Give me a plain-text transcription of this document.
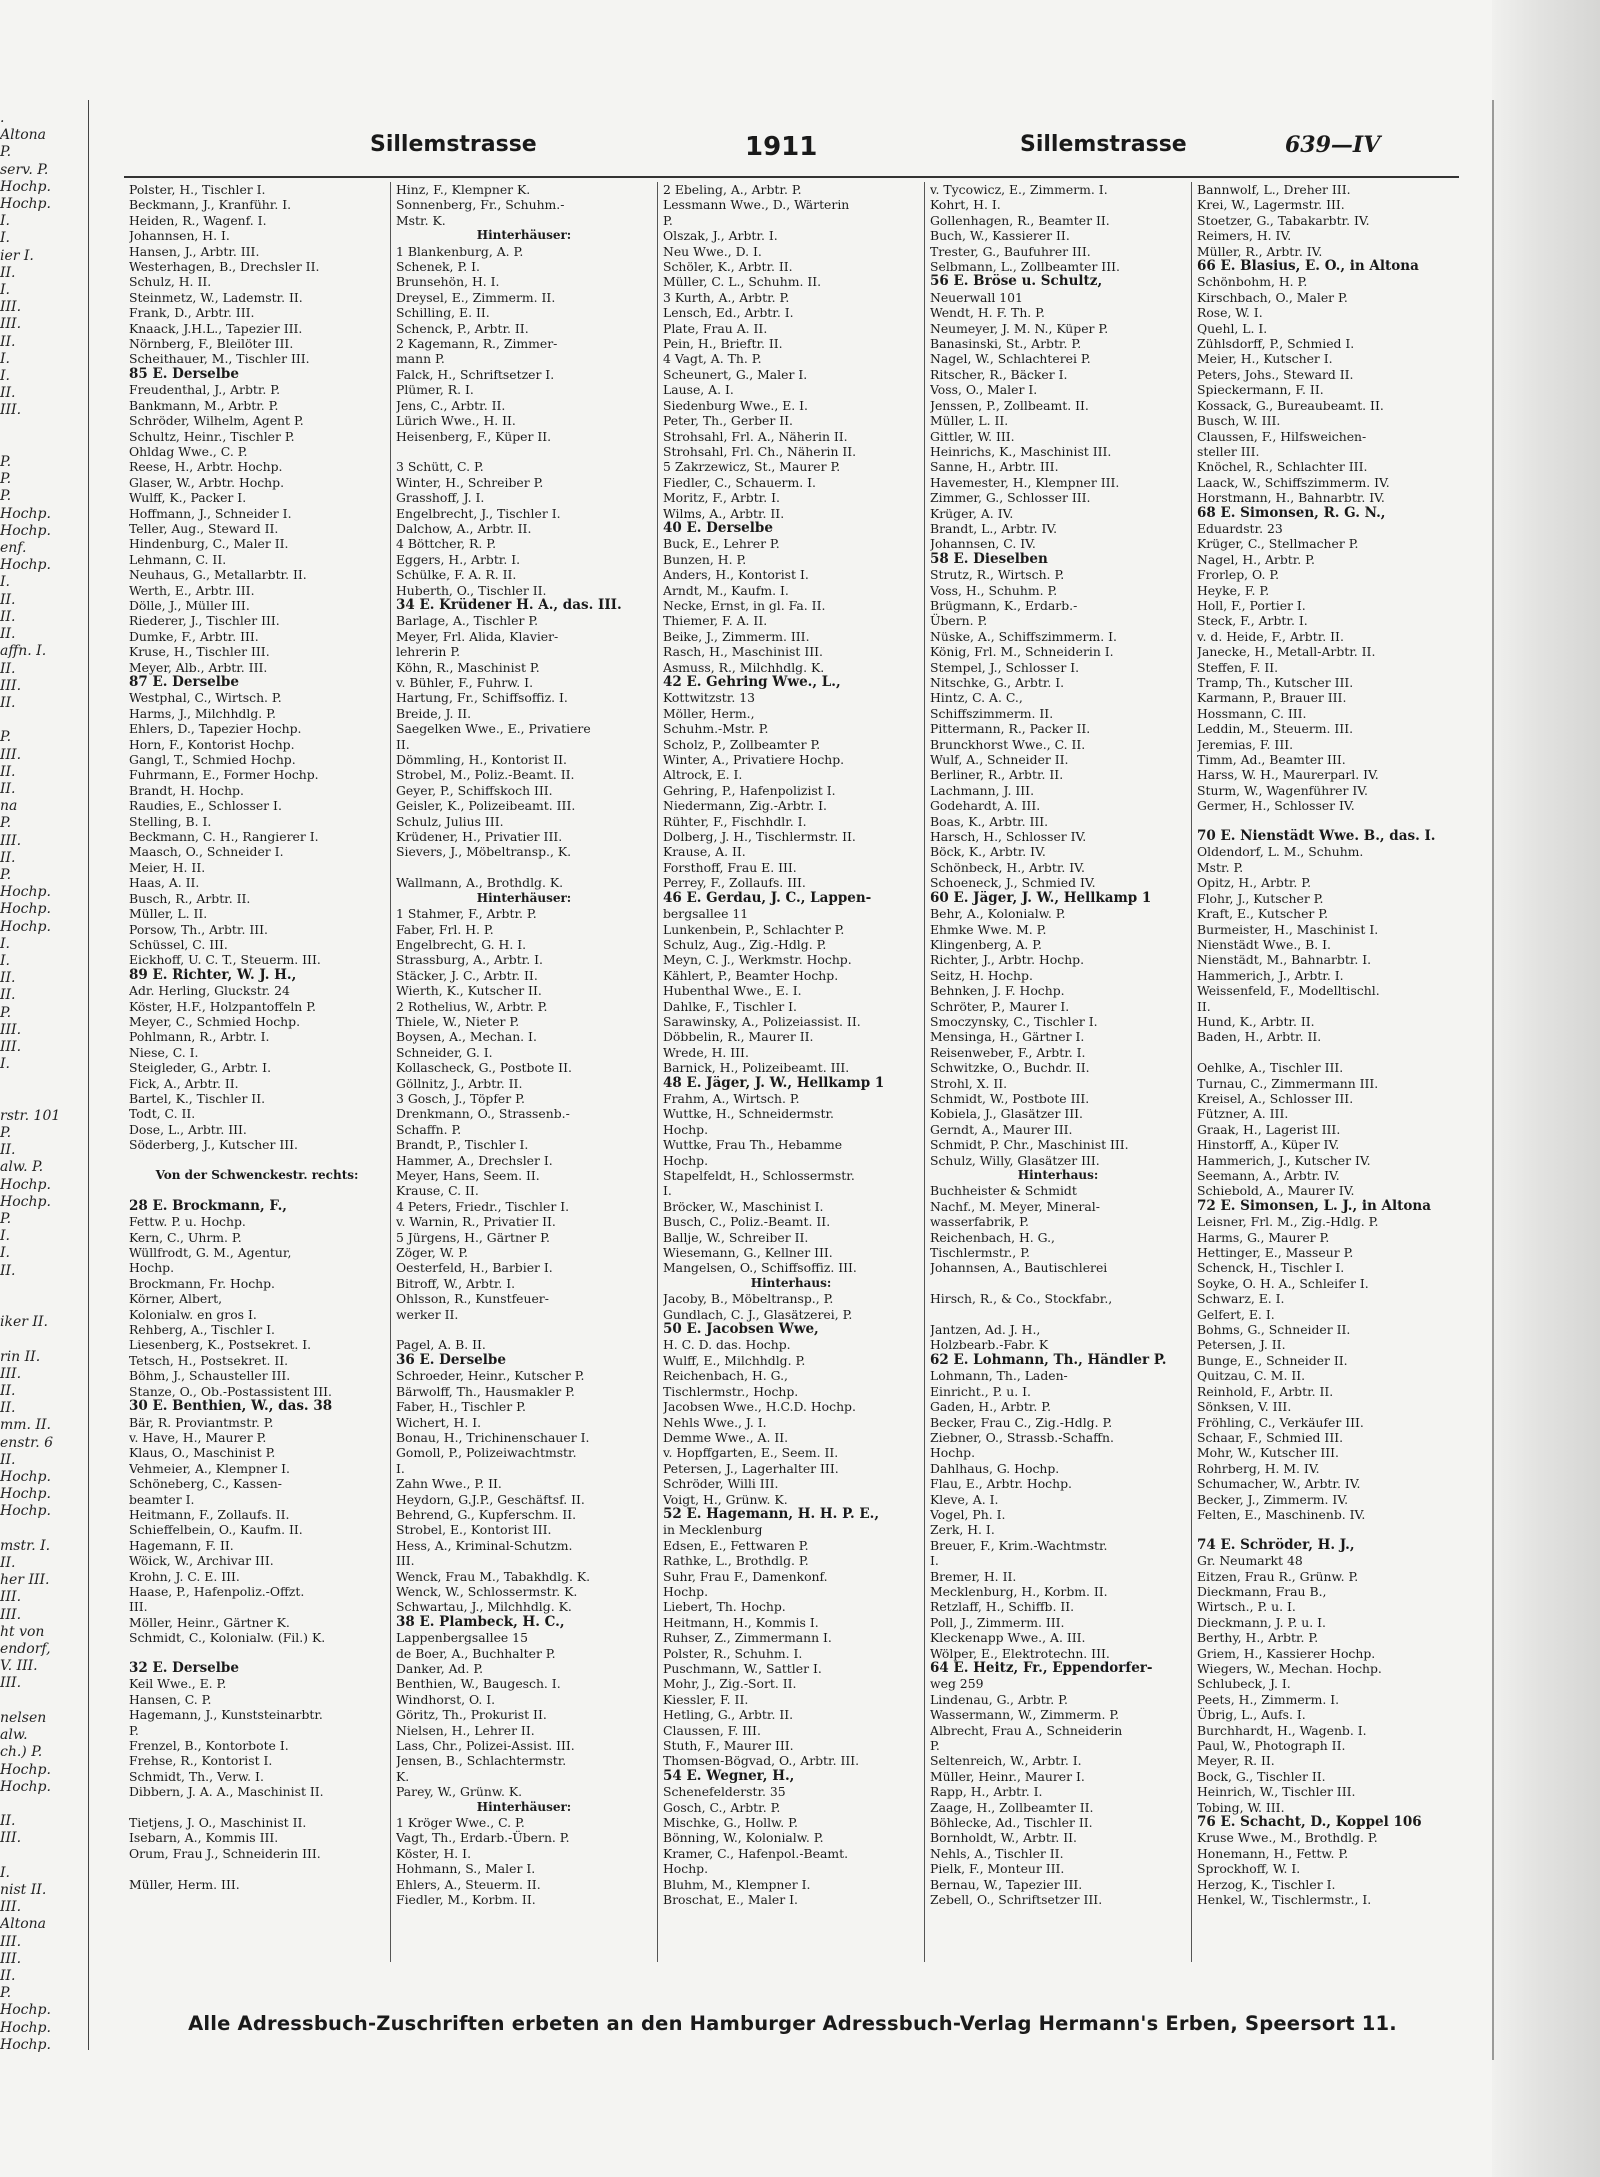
.
Altona
P.
serv. P.
Hochp.
Hochp.
I.
I.
ier I.
II.
I.
III.
III.
II.
I.
I.
II.
III.

P.
P.
P.
Hochp.
Hochp.
enf.
Hochp.
I.
II.
II.
II.
affn. I.
II.
III.
II.

P.
III.
II.
II.
na
P.
III.
II.
P.
Hochp.
Hochp.
Hochp.
I.
I.
II.
II.
P.
III.
III.
I.

rstr. 101
P.
II.
alw. P.
Hochp.
Hochp.
P.
I.
I.
II.

iker II.

rin II.
III.
II.
II.
mm. II.
enstr. 6
II.
Hochp.
Hochp.
Hochp.

mstr. I.
II.
her III.
III.
III.
ht von
endorf,
V. III.
III.

nelsen
alw.
ch.) P.
Hochp.
Hochp.

II.
III.

I.
nist II.
III.
Altona
III.
III.
II.
P.
Hochp.
Hochp.
Hochp.
Sillemstrasse	1911	Sillemstrasse	639—IV
Polster, H., Tischler I.
Beckmann, J., Kranführ. I.
Heiden, R., Wagenf. I.
Johannsen, H. I.
Hansen, J., Arbtr. III.
Westerhagen, B., Drechsler II.
Schulz, H. II.
Steinmetz, W., Lademstr. II.
Frank, D., Arbtr. III.
Knaack, J.H.L., Tapezier III.
Nörnberg, F., Bleilöter III.
Scheithauer, M., Tischler III.
85 E. Derselbe
Freudenthal, J., Arbtr. P.
Bankmann, M., Arbtr. P.
Schröder, Wilhelm, Agent P.
Schultz, Heinr., Tischler P.
Ohldag Wwe., C. P.
Reese, H., Arbtr. Hochp.
Glaser, W., Arbtr. Hochp.
Wulff, K., Packer I.
Hoffmann, J., Schneider I.
Teller, Aug., Steward II.
Hindenburg, C., Maler II.
Lehmann, C. II.
Neuhaus, G., Metallarbtr. II.
Werth, E., Arbtr. III.
Dölle, J., Müller III.
Riederer, J., Tischler III.
Dumke, F., Arbtr. III.
Kruse, H., Tischler III.
Meyer, Alb., Arbtr. III.
87 E. Derselbe
Westphal, C., Wirtsch. P.
Harms, J., Milchhdlg. P.
Ehlers, D., Tapezier Hochp.
Horn, F., Kontorist Hochp.
Gangl, T., Schmied Hochp.
Fuhrmann, E., Former Hochp.
Brandt, H. Hochp.
Raudies, E., Schlosser I.
Stelling, B. I.
Beckmann, C. H., Rangierer I.
Maasch, O., Schneider I.
Meier, H. II.
Haas, A. II.
Busch, R., Arbtr. II.
Müller, L. II.
Porsow, Th., Arbtr. III.
Schüssel, C. III.
Eickhoff, U. C. T., Steuerm. III.
89 E. Richter, W. J. H.,
Adr. Herling, Gluckstr. 24
Köster, H.F., Holzpantoffeln P.
Meyer, C., Schmied Hochp.
Pohlmann, R., Arbtr. I.
Niese, C. I.
Steigleder, G., Arbtr. I.
Fick, A., Arbtr. II.
Bartel, K., Tischler II.
Todt, C. II.
Dose, L., Arbtr. III.
Söderberg, J., Kutscher III.

Von der Schwenckestr. rechts:

28 E. Brockmann, F.,
Fettw. P. u. Hochp.
Kern, C., Uhrm. P.
Wüllfrodt, G. M., Agentur,
Hochp.
Brockmann, Fr. Hochp.
Körner, Albert,
Kolonialw. en gros I.
Rehberg, A., Tischler I.
Liesenberg, K., Postsekret. I.
Tetsch, H., Postsekret. II.
Böhm, J., Schausteller III.
Stanze, O., Ob.-Postassistent III.
30 E. Benthien, W., das. 38
Bär, R. Proviantmstr. P.
v. Have, H., Maurer P.
Klaus, O., Maschinist P.
Vehmeier, A., Klempner I.
Schöneberg, C., Kassen-
beamter I.
Heitmann, F., Zollaufs. II.
Schieffelbein, O., Kaufm. II.
Hagemann, F. II.
Wöick, W., Archivar III.
Krohn, J. C. E. III.
Haase, P., Hafenpoliz.-Offzt.
III.
Möller, Heinr., Gärtner K.
Schmidt, C., Kolonialw. (Fil.) K.

32 E. Derselbe
Keil Wwe., E. P.
Hansen, C. P.
Hagemann, J., Kunststeinarbtr.
P.
Frenzel, B., Kontorbote I.
Frehse, R., Kontorist I.
Schmidt, Th., Verw. I.
Dibbern, J. A. A., Maschinist II.

Tietjens, J. O., Maschinist II.
Isebarn, A., Kommis III.
Orum, Frau J., Schneiderin III.

Müller, Herm. III.
Hinz, F., Klempner K.
Sonnenberg, Fr., Schuhm.-
Mstr. K.
Hinterhäuser:
1 Blankenburg, A. P.
Schenek, P. I.
Brunsehön, H. I.
Dreysel, E., Zimmerm. II.
Schilling, E. II.
Schenck, P., Arbtr. II.
2 Kagemann, R., Zimmer-
mann P.
Falck, H., Schriftsetzer I.
Plümer, R. I.
Jens, C., Arbtr. II.
Lürich Wwe., H. II.
Heisenberg, F., Küper II.

3 Schütt, C. P.
Winter, H., Schreiber P.
Grasshoff, J. I.
Engelbrecht, J., Tischler I.
Dalchow, A., Arbtr. II.
4 Böttcher, R. P.
Eggers, H., Arbtr. I.
Schülke, F. A. R. II.
Huberth, O., Tischler II.
34 E. Krüdener H. A., das. III.
Barlage, A., Tischler P.
Meyer, Frl. Alida, Klavier-
lehrerin P.
Köhn, R., Maschinist P.
v. Bühler, F., Fuhrw. I.
Hartung, Fr., Schiffsoffiz. I.
Breide, J. II.
Saegelken Wwe., E., Privatiere
II.
Dömmling, H., Kontorist II.
Strobel, M., Poliz.-Beamt. II.
Geyer, P., Schiffskoch III.
Geisler, K., Polizeibeamt. III.
Schulz, Julius III.
Krüdener, H., Privatier III.
Sievers, J., Möbeltransp., K.

Wallmann, A., Brothdlg. K.
Hinterhäuser:
1 Stahmer, F., Arbtr. P.
Faber, Frl. H. P.
Engelbrecht, G. H. I.
Strassburg, A., Arbtr. I.
Stäcker, J. C., Arbtr. II.
Wierth, K., Kutscher II.
2 Rothelius, W., Arbtr. P.
Thiele, W., Nieter P.
Boysen, A., Mechan. I.
Schneider, G. I.
Kollascheck, G., Postbote II.
Göllnitz, J., Arbtr. II.
3 Gosch, J., Töpfer P.
Drenkmann, O., Strassenb.-
Schaffn. P.
Brandt, P., Tischler I.
Hammer, A., Drechsler I.
Meyer, Hans, Seem. II.
Krause, C. II.
4 Peters, Friedr., Tischler I.
v. Warnin, R., Privatier II.
5 Jürgens, H., Gärtner P.
Zöger, W. P.
Oesterfeld, H., Barbier I.
Bitroff, W., Arbtr. I.
Ohlsson, R., Kunstfeuer-
werker II.

Pagel, A. B. II.
36 E. Derselbe
Schroeder, Heinr., Kutscher P.
Bärwolff, Th., Hausmakler P.
Faber, H., Tischler P.
Wichert, H. I.
Bonau, H., Trichinenschauer I.
Gomoll, P., Polizeiwachtmstr.
I.
Zahn Wwe., P. II.
Heydorn, G.J.P., Geschäftsf. II.
Behrend, G., Kupferschm. II.
Strobel, E., Kontorist III.
Hess, A., Kriminal-Schutzm.
III.
Wenck, Frau M., Tabakhdlg. K.
Wenck, W., Schlossermstr. K.
Schwartau, J., Milchhdlg. K.
38 E. Plambeck, H. C.,
Lappenbergsallee 15
de Boer, A., Buchhalter P.
Danker, Ad. P.
Benthien, W., Baugesch. I.
Windhorst, O. I.
Göritz, Th., Prokurist II.
Nielsen, H., Lehrer II.
Lass, Chr., Polizei-Assist. III.
Jensen, B., Schlachtermstr.
K.
Parey, W., Grünw. K.
Hinterhäuser:
1 Kröger Wwe., C. P.
Vagt, Th., Erdarb.-Übern. P.
Köster, H. I.
Hohmann, S., Maler I.
Ehlers, A., Steuerm. II.
Fiedler, M., Korbm. II.
2 Ebeling, A., Arbtr. P.
Lessmann Wwe., D., Wärterin
P.
Olszak, J., Arbtr. I.
Neu Wwe., D. I.
Schöler, K., Arbtr. II.
Müller, C. L., Schuhm. II.
3 Kurth, A., Arbtr. P.
Lensch, Ed., Arbtr. I.
Plate, Frau A. II.
Pein, H., Brieftr. II.
4 Vagt, A. Th. P.
Scheunert, G., Maler I.
Lause, A. I.
Siedenburg Wwe., E. I.
Peter, Th., Gerber II.
Strohsahl, Frl. A., Näherin II.
Strohsahl, Frl. Ch., Näherin II.
5 Zakrzewicz, St., Maurer P.
Fiedler, C., Schauerm. I.
Moritz, F., Arbtr. I.
Wilms, A., Arbtr. II.
40 E. Derselbe
Buck, E., Lehrer P.
Bunzen, H. P.
Anders, H., Kontorist I.
Arndt, M., Kaufm. I.
Necke, Ernst, in gl. Fa. II.
Thiemer, F. A. II.
Beike, J., Zimmerm. III.
Rasch, H., Maschinist III.
Asmuss, R., Milchhdlg. K.
42 E. Gehring Wwe., L.,
Kottwitzstr. 13
Möller, Herm.,
Schuhm.-Mstr. P.
Scholz, P., Zollbeamter P.
Winter, A., Privatiere Hochp.
Altrock, E. I.
Gehring, P., Hafenpolizist I.
Niedermann, Zig.-Arbtr. I.
Rühter, F., Fischhdlr. I.
Dolberg, J. H., Tischlermstr. II.
Krause, A. II.
Forsthoff, Frau E. III.
Perrey, F., Zollaufs. III.
46 E. Gerdau, J. C., Lappen-
bergsallee 11
Lunkenbein, P., Schlachter P.
Schulz, Aug., Zig.-Hdlg. P.
Meyn, C. J., Werkmstr. Hochp.
Kählert, P., Beamter Hochp.
Hubenthal Wwe., E. I.
Dahlke, F., Tischler I.
Sarawinsky, A., Polizeiassist. II.
Döbbelin, R., Maurer II.
Wrede, H. III.
Barnick, H., Polizeibeamt. III.
48 E. Jäger, J. W., Hellkamp 1
Frahm, A., Wirtsch. P.
Wuttke, H., Schneidermstr.
Hochp.
Wuttke, Frau Th., Hebamme
Hochp.
Stapelfeldt, H., Schlossermstr.
I.
Bröcker, W., Maschinist I.
Busch, C., Poliz.-Beamt. II.
Ballje, W., Schreiber II.
Wiesemann, G., Kellner III.
Mangelsen, O., Schiffsoffiz. III.
Hinterhaus:
Jacoby, B., Möbeltransp., P.
Gundlach, C. J., Glasätzerei, P.
50 E. Jacobsen Wwe,
H. C. D. das. Hochp.
Wulff, E., Milchhdlg. P.
Reichenbach, H. G.,
Tischlermstr., Hochp.
Jacobsen Wwe., H.C.D. Hochp.
Nehls Wwe., J. I.
Demme Wwe., A. II.
v. Hopffgarten, E., Seem. II.
Petersen, J., Lagerhalter III.
Schröder, Willi III.
Voigt, H., Grünw. K.
52 E. Hagemann, H. H. P. E.,
in Mecklenburg
Edsen, E., Fettwaren P.
Rathke, L., Brothdlg. P.
Suhr, Frau F., Damenkonf.
Hochp.
Liebert, Th. Hochp.
Heitmann, H., Kommis I.
Ruhser, Z., Zimmermann I.
Polster, R., Schuhm. I.
Puschmann, W., Sattler I.
Mohr, J., Zig.-Sort. II.
Kiessler, F. II.
Hetling, G., Arbtr. II.
Claussen, F. III.
Stuth, F., Maurer III.
Thomsen-Bögvad, O., Arbtr. III.
54 E. Wegner, H.,
Schenefelderstr. 35
Gosch, C., Arbtr. P.
Mischke, G., Hollw. P.
Bönning, W., Kolonialw. P.
Kramer, C., Hafenpol.-Beamt.
Hochp.
Bluhm, M., Klempner I.
Broschat, E., Maler I.
v. Tycowicz, E., Zimmerm. I.
Kohrt, H. I.
Gollenhagen, R., Beamter II.
Buch, W., Kassierer II.
Trester, G., Baufuhrer III.
Selbmann, L., Zollbeamter III.
56 E. Bröse u. Schultz,
Neuerwall 101
Wendt, H. F. Th. P.
Neumeyer, J. M. N., Küper P.
Banasinski, St., Arbtr. P.
Nagel, W., Schlachterei P.
Ritscher, R., Bäcker I.
Voss, O., Maler I.
Jenssen, P., Zollbeamt. II.
Müller, L. II.
Gittler, W. III.
Heinrichs, K., Maschinist III.
Sanne, H., Arbtr. III.
Havemester, H., Klempner III.
Zimmer, G., Schlosser III.
Krüger, A. IV.
Brandt, L., Arbtr. IV.
Johannsen, C. IV.
58 E. Dieselben
Strutz, R., Wirtsch. P.
Voss, H., Schuhm. P.
Brügmann, K., Erdarb.-
Übern. P.
Nüske, A., Schiffszimmerm. I.
König, Frl. M., Schneiderin I.
Stempel, J., Schlosser I.
Nitschke, G., Arbtr. I.
Hintz, C. A. C.,
Schiffszimmerm. II.
Pittermann, R., Packer II.
Brunckhorst Wwe., C. II.
Wulf, A., Schneider II.
Berliner, R., Arbtr. II.
Lachmann, J. III.
Godehardt, A. III.
Boas, K., Arbtr. III.
Harsch, H., Schlosser IV.
Böck, K., Arbtr. IV.
Schönbeck, H., Arbtr. IV.
Schoeneck, J., Schmied IV.
60 E. Jäger, J. W., Hellkamp 1
Behr, A., Kolonialw. P.
Ehmke Wwe. M. P.
Klingenberg, A. P.
Richter, J., Arbtr. Hochp.
Seitz, H. Hochp.
Behnken, J. F. Hochp.
Schröter, P., Maurer I.
Smoczynsky, C., Tischler I.
Mensinga, H., Gärtner I.
Reisenweber, F., Arbtr. I.
Schwitzke, O., Buchdr. II.
Strohl, X. II.
Schmidt, W., Postbote III.
Kobiela, J., Glasätzer III.
Gerndt, A., Maurer III.
Schmidt, P. Chr., Maschinist III.
Schulz, Willy, Glasätzer III.
Hinterhaus:
Buchheister & Schmidt
Nachf., M. Meyer, Mineral-
wasserfabrik, P.
Reichenbach, H. G.,
Tischlermstr., P.
Johannsen, A., Bautischlerei

Hirsch, R., & Co., Stockfabr.,

Jantzen, Ad. J. H.,
Holzbearb.-Fabr. K
62 E. Lohmann, Th., Händler P.
Lohmann, Th., Laden-
Einricht., P. u. I.
Gaden, H., Arbtr. P.
Becker, Frau C., Zig.-Hdlg. P.
Ziebner, O., Strassb.-Schaffn.
Hochp.
Dahlhaus, G. Hochp.
Flau, E., Arbtr. Hochp.
Kleve, A. I.
Vogel, Ph. I.
Zerk, H. I.
Breuer, F., Krim.-Wachtmstr.
I.
Bremer, H. II.
Mecklenburg, H., Korbm. II.
Retzlaff, H., Schiffb. II.
Poll, J., Zimmerm. III.
Kleckenapp Wwe., A. III.
Wölper, E., Elektrotechn. III.
64 E. Heitz, Fr., Eppendorfer-
weg 259
Lindenau, G., Arbtr. P.
Wassermann, W., Zimmerm. P.
Albrecht, Frau A., Schneiderin
P.
Seltenreich, W., Arbtr. I.
Müller, Heinr., Maurer I.
Rapp, H., Arbtr. I.
Zaage, H., Zollbeamter II.
Böhlecke, Ad., Tischler II.
Bornholdt, W., Arbtr. II.
Nehls, A., Tischler II.
Pielk, F., Monteur III.
Bernau, W., Tapezier III.
Zebell, O., Schriftsetzer III.
Bannwolf, L., Dreher III.
Krei, W., Lagermstr. III.
Stoetzer, G., Tabakarbtr. IV.
Reimers, H. IV.
Müller, R., Arbtr. IV.
66 E. Blasius, E. O., in Altona
Schönbohm, H. P.
Kirschbach, O., Maler P.
Rose, W. I.
Quehl, L. I.
Zühlsdorff, P., Schmied I.
Meier, H., Kutscher I.
Peters, Johs., Steward II.
Spieckermann, F. II.
Kossack, G., Bureaubeamt. II.
Busch, W. III.
Claussen, F., Hilfsweichen-
steller III.
Knöchel, R., Schlachter III.
Laack, W., Schiffszimmerm. IV.
Horstmann, H., Bahnarbtr. IV.
68 E. Simonsen, R. G. N.,
Eduardstr. 23
Krüger, C., Stellmacher P.
Nagel, H., Arbtr. P.
Frorlep, O. P.
Heyke, F. P.
Holl, F., Portier I.
Steck, F., Arbtr. I.
v. d. Heide, F., Arbtr. II.
Janecke, H., Metall-Arbtr. II.
Steffen, F. II.
Tramp, Th., Kutscher III.
Karmann, P., Brauer III.
Hossmann, C. III.
Leddin, M., Steuerm. III.
Jeremias, F. III.
Timm, Ad., Beamter III.
Harss, W. H., Maurerparl. IV.
Sturm, W., Wagenführer IV.
Germer, H., Schlosser IV.

70 E. Nienstädt Wwe. B., das. I.
Oldendorf, L. M., Schuhm.
Mstr. P.
Opitz, H., Arbtr. P.
Flohr, J., Kutscher P.
Kraft, E., Kutscher P.
Burmeister, H., Maschinist I.
Nienstädt Wwe., B. I.
Nienstädt, M., Bahnarbtr. I.
Hammerich, J., Arbtr. I.
Weissenfeld, F., Modelltischl.
II.
Hund, K., Arbtr. II.
Baden, H., Arbtr. II.

Oehlke, A., Tischler III.
Turnau, C., Zimmermann III.
Kreisel, A., Schlosser III.
Fützner, A. III.
Graak, H., Lagerist III.
Hinstorff, A., Küper IV.
Hammerich, J., Kutscher IV.
Seemann, A., Arbtr. IV.
Schiebold, A., Maurer IV.
72 E. Simonsen, L. J., in Altona
Leisner, Frl. M., Zig.-Hdlg. P.
Harms, G., Maurer P.
Hettinger, E., Masseur P.
Schenck, H., Tischler I.
Soyke, O. H. A., Schleifer I.
Schwarz, E. I.
Gelfert, E. I.
Bohms, G., Schneider II.
Petersen, J. II.
Bunge, E., Schneider II.
Quitzau, C. M. II.
Reinhold, F., Arbtr. II.
Sönksen, V. III.
Fröhling, C., Verkäufer III.
Schaar, F., Schmied III.
Mohr, W., Kutscher III.
Rohrberg, H. M. IV.
Schumacher, W., Arbtr. IV.
Becker, J., Zimmerm. IV.
Felten, E., Maschinenb. IV.

74 E. Schröder, H. J.,
Gr. Neumarkt 48
Eitzen, Frau R., Grünw. P.
Dieckmann, Frau B.,
Wirtsch., P. u. I.
Dieckmann, J. P. u. I.
Berthy, H., Arbtr. P.
Griem, H., Kassierer Hochp.
Wiegers, W., Mechan. Hochp.
Schlubeck, J. I.
Peets, H., Zimmerm. I.
Übrig, L., Aufs. I.
Burchhardt, H., Wagenb. I.
Paul, W., Photograph II.
Meyer, R. II.
Bock, G., Tischler II.
Heinrich, W., Tischler III.
Tobing, W. III.
76 E. Schacht, D., Koppel 106
Kruse Wwe., M., Brothdlg. P.
Honemann, H., Fettw. P.
Sprockhoff, W. I.
Herzog, K., Tischler I.
Henkel, W., Tischlermstr., I.
Alle Adressbuch-Zuschriften erbeten an den Hamburger Adressbuch-Verlag Hermann's Erben, Speersort 11.
